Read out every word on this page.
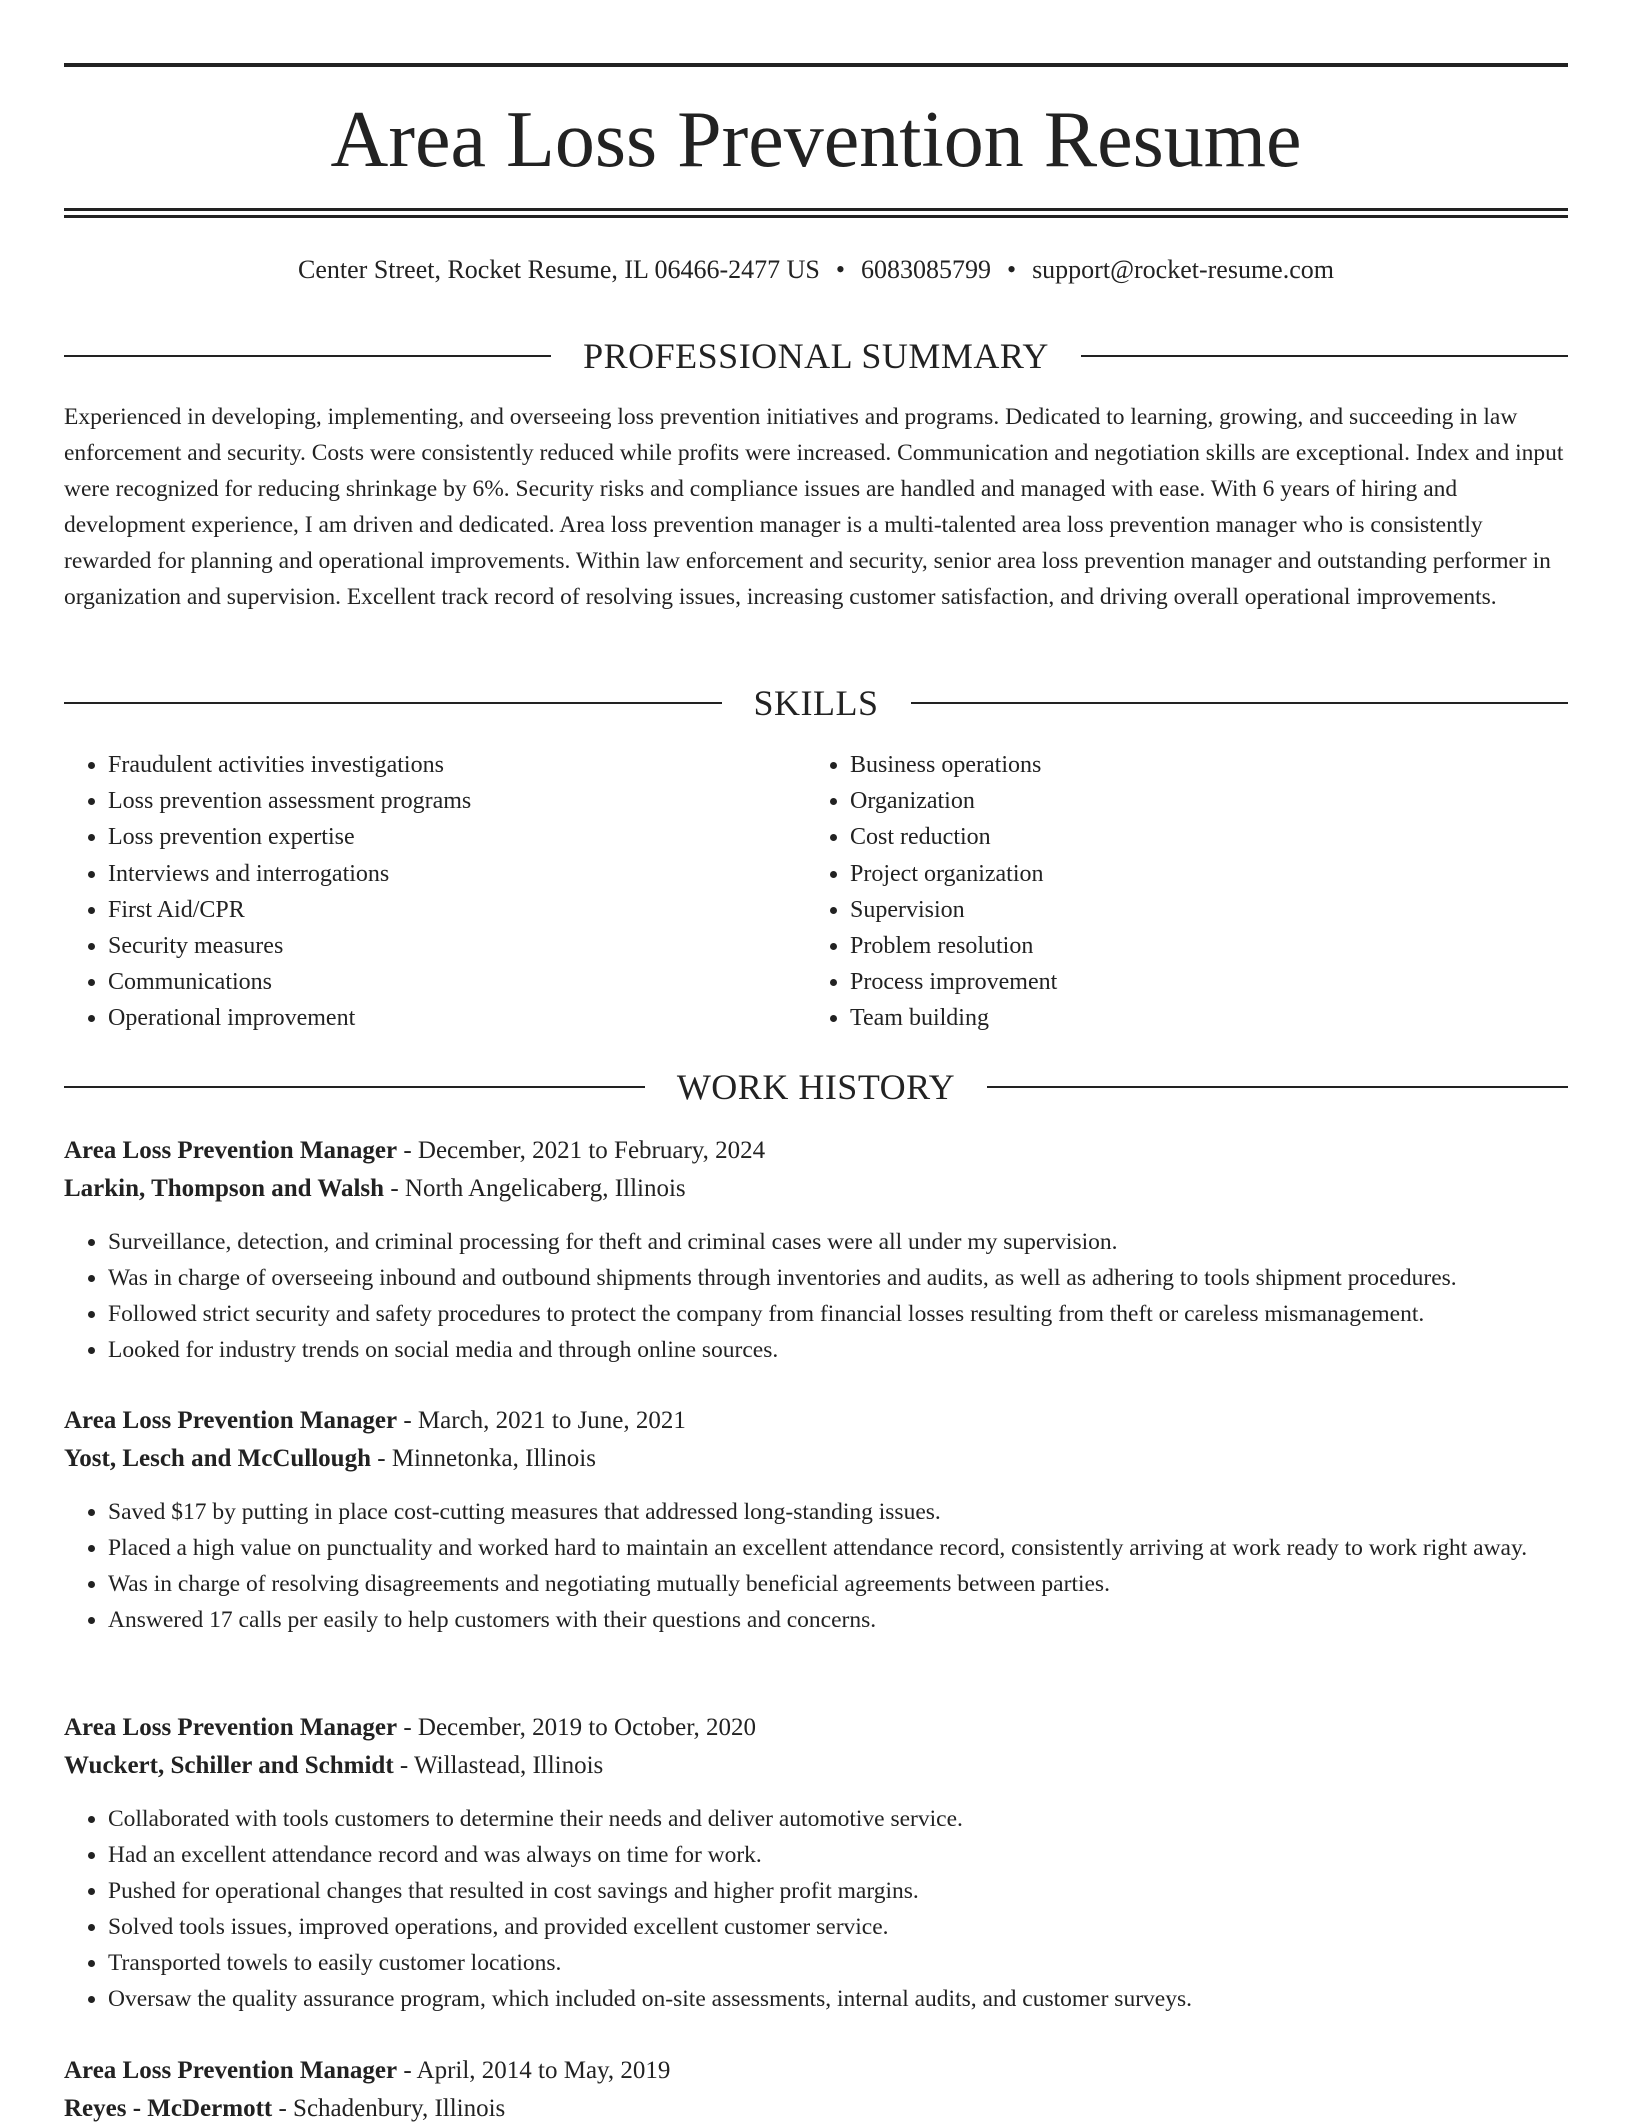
Area Loss Prevention Resume
Center Street, Rocket Resume, IL 06466-2477 US • 6083085799 • support@rocket-resume.com
PROFESSIONAL SUMMARY

Experienced in developing, implementing, and overseeing loss prevention initiatives and programs. Dedicated to learning, growing, and succeeding in law enforcement and security. Costs were consistently reduced while profits were increased. Communication and negotiation skills are exceptional. Index and input were recognized for reducing shrinkage by 6%. Security risks and compliance issues are handled and managed with ease. With 6 years of hiring and development experience, I am driven and dedicated. Area loss prevention manager is a multi-talented area loss prevention manager who is consistently rewarded for planning and operational improvements. Within law enforcement and security, senior area loss prevention manager and outstanding performer in organization and supervision. Excellent track record of resolving issues, increasing customer satisfaction, and driving overall operational improvements.

SKILLS
• Fraudulent activities investigations
• Loss prevention assessment programs
• Loss prevention expertise
• Interviews and interrogations
• First Aid/CPR
• Security measures
• Communications
• Operational improvement
• Business operations
• Organization
• Cost reduction
• Project organization
• Supervision
• Problem resolution
• Process improvement
• Team building
WORK HISTORY
Area Loss Prevention Manager - December, 2021 to February, 2024
Larkin, Thompson and Walsh - North Angelicaberg, Illinois
• Surveillance, detection, and criminal processing for theft and criminal cases were all under my supervision.
• Was in charge of overseeing inbound and outbound shipments through inventories and audits, as well as adhering to tools shipment procedures.
• Followed strict security and safety procedures to protect the company from financial losses resulting from theft or careless mismanagement.
• Looked for industry trends on social media and through online sources.
Area Loss Prevention Manager - March, 2021 to June, 2021
Yost, Lesch and McCullough - Minnetonka, Illinois
• Saved $17 by putting in place cost-cutting measures that addressed long-standing issues.
• Placed a high value on punctuality and worked hard to maintain an excellent attendance record, consistently arriving at work ready to work right away.
• Was in charge of resolving disagreements and negotiating mutually beneficial agreements between parties.
• Answered 17 calls per easily to help customers with their questions and concerns.
Area Loss Prevention Manager - December, 2019 to October, 2020
Wuckert, Schiller and Schmidt - Willastead, Illinois
• Collaborated with tools customers to determine their needs and deliver automotive service.
• Had an excellent attendance record and was always on time for work.
• Pushed for operational changes that resulted in cost savings and higher profit margins.
• Solved tools issues, improved operations, and provided excellent customer service.
• Transported towels to easily customer locations.
• Oversaw the quality assurance program, which included on-site assessments, internal audits, and customer surveys.
Area Loss Prevention Manager - April, 2014 to May, 2019
Reyes - McDermott - Schadenbury, Illinois
